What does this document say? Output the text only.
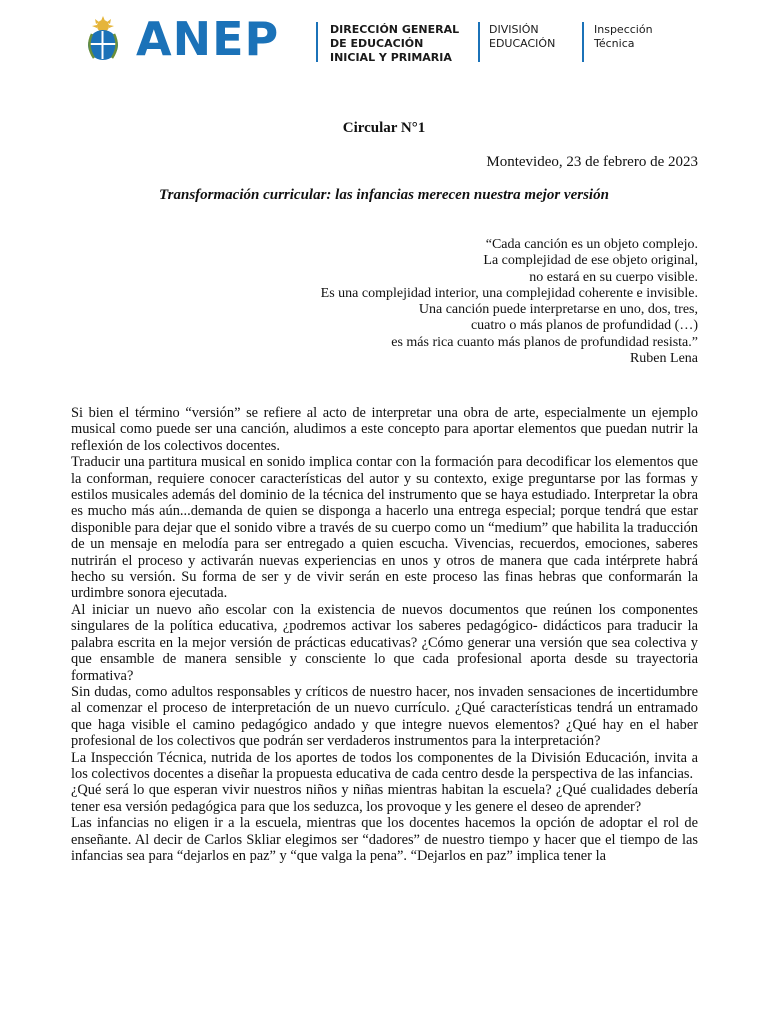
ANEP	DIRECCIÓN GENERAL
DE EDUCACIÓN
INICIAL Y PRIMARIA
DIVISIÓN
EDUCACIÓN
Inspección
Técnica
Circular N°1
Montevideo, 23 de febrero de 2023
Transformación curricular: las infancias merecen nuestra mejor versión
“Cada canción es un objeto complejo.
La complejidad de ese objeto original,
no estará en su cuerpo visible.
Es una complejidad interior, una complejidad coherente e invisible.
Una canción puede interpretarse en uno, dos, tres,
cuatro o más planos de profundidad (…)
es más rica cuanto más planos de profundidad resista.”
Ruben Lena

Si bien el término “versión” se refiere al acto de interpretar una obra de arte, especialmente un ejemplo musical como puede ser una canción, aludimos a este concepto para aportar elementos que puedan nutrir la reflexión de los colectivos docentes.

Traducir una partitura musical en sonido implica contar con la formación para decodificar los elementos que la conforman, requiere conocer características del autor y su contexto, exige preguntarse por las formas y estilos musicales además del dominio de la técnica del instrumento que se haya estudiado. Interpretar la obra es mucho más aún...demanda de quien se disponga a hacerlo una entrega especial; porque tendrá que estar disponible para dejar que el sonido vibre a través de su cuerpo como un “medium” que habilita la traducción de un mensaje en melodía para ser entregado a quien escucha. Vivencias, recuerdos, emociones, saberes nutrirán el proceso y activarán nuevas experiencias en unos y otros de manera que cada intérprete habrá hecho su versión. Su forma de ser y de vivir serán en este proceso las finas hebras que conformarán la urdimbre sonora ejecutada.

Al iniciar un nuevo año escolar con la existencia de nuevos documentos que reúnen los componentes singulares de la política educativa, ¿podremos activar los saberes pedagógico- didácticos para traducir la palabra escrita en la mejor versión de prácticas educativas? ¿Cómo generar una versión que sea colectiva y que ensamble de manera sensible y consciente lo que cada profesional aporta desde su trayectoria formativa?

Sin dudas, como adultos responsables y críticos de nuestro hacer, nos invaden sensaciones de incertidumbre al comenzar el proceso de interpretación de un nuevo currículo. ¿Qué características tendrá un entramado que haga visible el camino pedagógico andado y que integre nuevos elementos? ¿Qué hay en el haber profesional de los colectivos que podrán ser verdaderos instrumentos para la interpretación?

La Inspección Técnica, nutrida de los aportes de todos los componentes de la División Educación, invita a los colectivos docentes a diseñar la propuesta educativa de cada centro desde la perspectiva de las infancias.

¿Qué será lo que esperan vivir nuestros niños y niñas mientras habitan la escuela? ¿Qué cualidades debería tener esa versión pedagógica para que los seduzca, los provoque y les genere el deseo de aprender?

Las infancias no eligen ir a la escuela, mientras que los docentes hacemos la opción de adoptar el rol de enseñante. Al decir de Carlos Skliar elegimos ser “dadores” de nuestro tiempo y hacer que el tiempo de las infancias sea para “dejarlos en paz” y “que valga la pena”. “Dejarlos en paz” implica tener la
